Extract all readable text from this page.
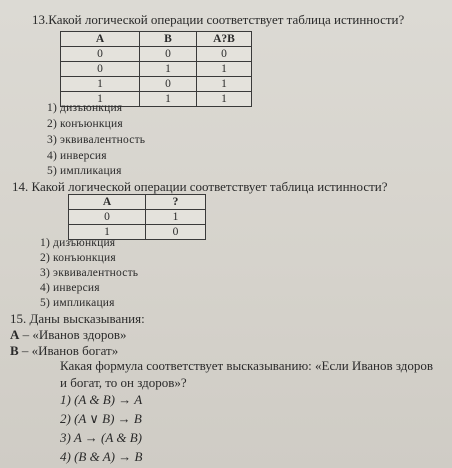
13.Какой логической операции соответствует таблица истинности?
A	B	A?B
0	0	0
0	1	1
1	0	1
1	1	1
1) дизъюнкция
2) конъюнкция
3) эквивалентность
4) инверсия
5) импликация
14. Какой логической операции соответствует таблица истинности?
A	?
0	1
1	0
1) дизъюнкция
2) конъюнкция
3) эквивалентность
4) инверсия
5) импликация
15. Даны высказывания:
А – «Иванов здоров»
В – «Иванов богат»
Какая формула соответствует высказыванию: «Если Иванов здоров
и богат, то он здоров»?
1) (A & B) → A
2) (A ∨ B) → B
3) A → (A & B)
4) (B & A) → B
